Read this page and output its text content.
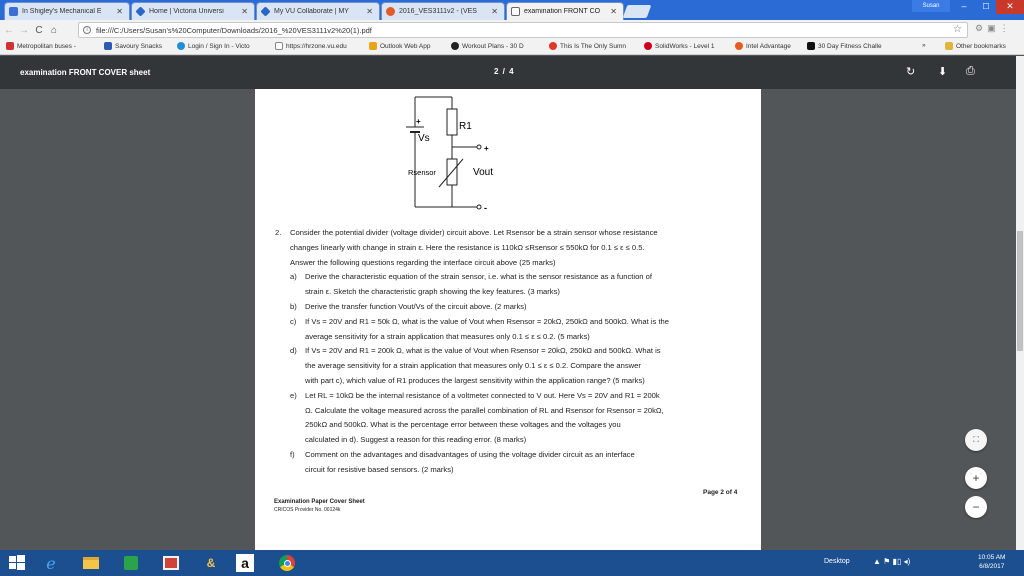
In Shigley's Mechanical E	✕	Home | Victoria Universi	✕	My VU Collaborate | MY	✕	2016_VES3111v2 - (VES	✕	examination FRONT CO	✕
Susan	–	☐	✕
← → C ⌂	i	file:///C:/Users/Susan's%20Computer/Downloads/2016_%20VES3111v2%20(1).pdf	☆ ⚙▣⋮
Metropolitan buses -	Savoury Snacks	Login / Sign In - Victo	https://hrzone.vu.edu	Outlook Web App	Workout Plans - 30 D	This Is The Only Sumn	SolidWorks - Level 1	Intel Advantage	30 Day Fitness Challe	»	Other bookmarks
examination FRONT COVER sheet	2 / 4	↻ ⬇ ⎙
+
Vs
R1
Rsensor	Vout
+
-
2. Consider the potential divider (voltage divider) circuit above. Let Rsensor be a strain sensor whose resistance
changes linearly with change in strain ε. Here the resistance is 110kΩ ≤Rsensor ≤ 550kΩ for 0.1 ≤ ε ≤ 0.5.
Answer the following questions regarding the interface circuit above (25 marks)
a) Derive the characteristic equation of the strain sensor, i.e. what is the sensor resistance as a function of
strain ε. Sketch the characteristic graph showing the key features. (3 marks)
b) Derive the transfer function Vout/Vs of the circuit above. (2 marks)
c) If Vs = 20V and R1 = 50k Ω, what is the value of Vout when Rsensor = 20kΩ, 250kΩ and 500kΩ. What is the
average sensitivity for a strain application that measures only 0.1 ≤ ε ≤ 0.2. (5 marks)
d) If Vs = 20V and R1 = 200k Ω, what is the value of Vout when Rsensor = 20kΩ, 250kΩ and 500kΩ. What is
the average sensitivity for a strain application that measures only 0.1 ≤ ε ≤ 0.2. Compare the answer
with part c), which value of R1 produces the largest sensitivity within the application range? (5 marks)
e) Let RL = 10kΩ be the internal resistance of a voltmeter connected to V out. Here Vs = 20V and R1 = 200k
Ω. Calculate the voltage measured across the parallel combination of RL and Rsensor for Rsensor = 20kΩ,
250kΩ and 500kΩ. What is the percentage error between these voltages and the voltages you
calculated in d). Suggest a reason for this reading error. (8 marks)
f) Comment on the advantages and disadvantages of using the voltage divider circuit as an interface
circuit for resistive based sensors. (2 marks)
Page 2 of 4
Examination Paper Cover Sheet
CRICOS Provider No. 00124k
⛶
+
−
e	&	a	Desktop	▲ ⚑ ▮▯ ◂)	10:05 AM
6/8/2017
